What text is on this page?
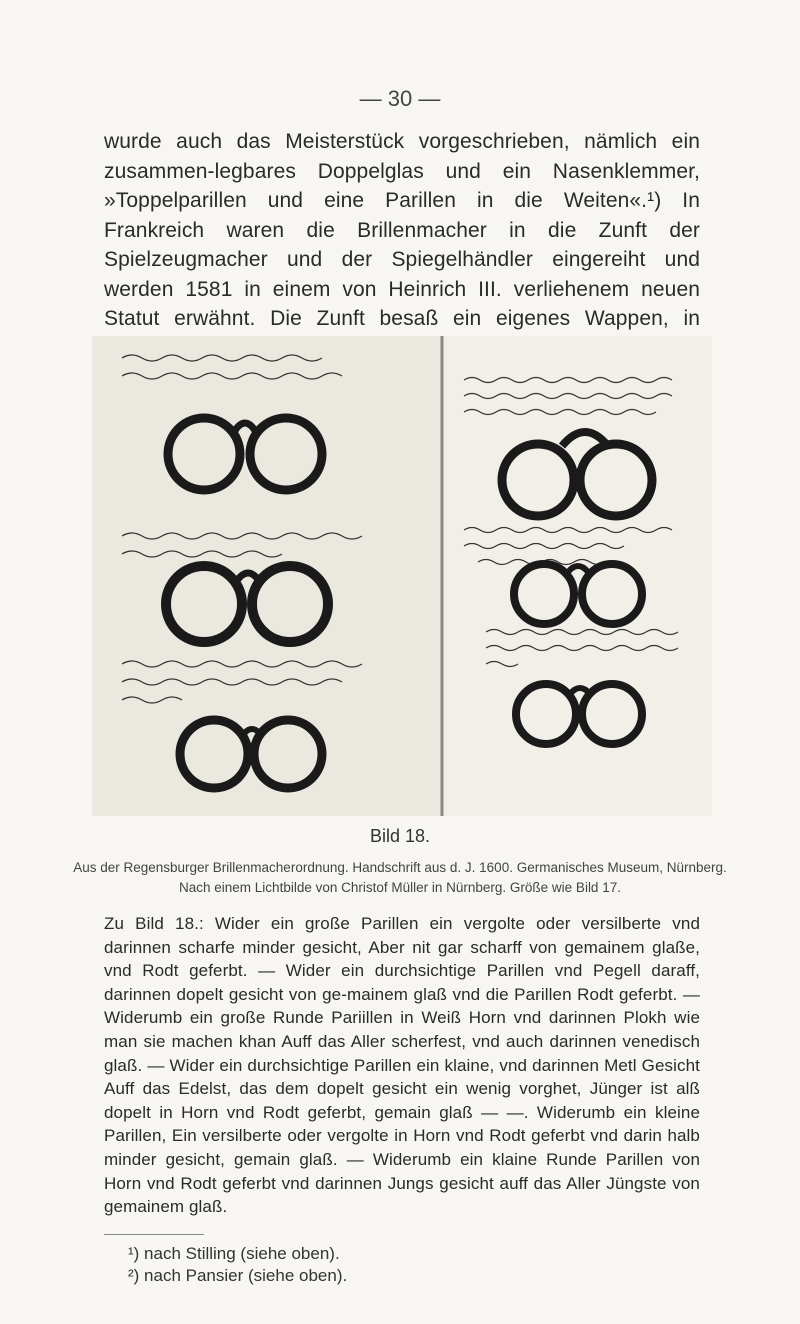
— 30 —

wurde auch das Meisterstück vorgeschrieben, nämlich ein zusammen-legbares Doppelglas und ein Nasenklemmer, »Toppelparillen und eine Parillen in die Weiten«.¹) In Frankreich waren die Brillenmacher in die Zunft der Spielzeugmacher und der Spiegelhändler eingereiht und werden 1581 in einem von Heinrich III. verliehenem neuen Statut erwähnt. Die Zunft besaß ein eigenes Wappen, in

Bild 18.

Aus der Regensburger Brillenmacherordnung. Handschrift aus d. J. 1600. Germanisches Museum, Nürnberg. Nach einem Lichtbilde von Christof Müller in Nürnberg. Größe wie Bild 17.

Zu Bild 18.: Wider ein große Parillen ein vergolte oder versilberte vnd darinnen scharfe minder gesicht, Aber nit gar scharff von gemainem glaße, vnd Rodt geferbt. — Wider ein durchsichtige Parillen vnd Pegell daraff, darinnen dopelt gesicht von ge-mainem glaß vnd die Parillen Rodt geferbt. — Widerumb ein große Runde Pariillen in Weiß Horn vnd darinnen Plokh wie man sie machen khan Auff das Aller scherfest, vnd auch darinnen venedisch glaß. — Wider ein durchsichtige Parillen ein klaine, vnd darinnen Metl Gesicht Auff das Edelst, das dem dopelt gesicht ein wenig vorghet, Jünger ist alß dopelt in Horn vnd Rodt geferbt, gemain glaß — —. Widerumb ein kleine Parillen, Ein versilberte oder vergolte in Horn vnd Rodt geferbt vnd darin halb minder gesicht, gemain glaß. — Widerumb ein klaine Runde Parillen von Horn vnd Rodt geferbt vnd darinnen Jungs gesicht auff das Aller Jüngste von gemainem glaß.

¹) nach Stilling (siehe oben).

²) nach Pansier (siehe oben).
